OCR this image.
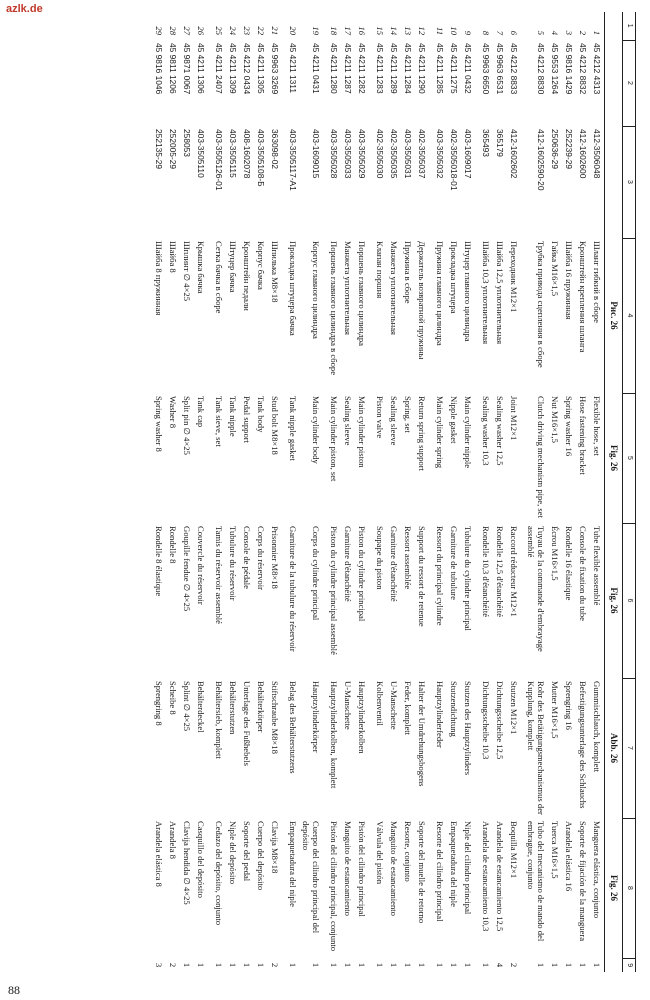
azlk.de
1	2	3	4	5	6	7	8	9
			Рис. 26	Fig. 26	Fig. 26	Abb. 26	Fig. 26	
1	45 4212 4313	412-3506048	Шланг гибкий в сборе	Flexible hose, set	Tube flexible assemblé	Gummischlauch, komplett	Manguera elástica, conjunto	1
2	45 4212 8832	412-1602600	Кронштейн крепления шланга	Hose fastening bracket	Console de fixation du tube	Befestigungsunterlage des Schlauchs	Soporte de fijación de la manguera	1
3	45 9816 1429	252239-29	Шайба 16 пружинная	Spring washer 16	Rondelle 16 élastique	Sprengring 16	Arandela elástica 16	1
4	45 9553 1264	250636-29	Гайка M16×1,5	Nut M16×1,5	Écrou M16×1,5	Mutter M16×1,5	Tuerca M16×1,5	1
5	45 4212 8830	412-1602590-20	Трубка привода сцепления в сборе	Clutch driving mechanism pipe, set	Tuyau de la commande d'embrayage assemblé	Rohr des Betätigungsmechanismus der Kupplung, komplett	Tubo del mecanismo de mando del embrague, conjunto	1
6	45 4212 8833	412-1602602	Переходник M12×1	Joint M12×1	Raccord réducteur M12×1	Stutzen M12×1	Boquilla M12×1	2
7	45 9963 6531	365179	Шайба 12,5 уплотнительная	Sealing washer 12,5	Rondelle 12,5 d'étanchéité	Dichtungsscheibe 12,5	Arandela de estancamiento 12,5	4
8	45 9963 6650	365493	Шайба 10,3 уплотнительная	Sealing washer 10,3	Rondelle 10,3 d'étanchéité	Dichtungsscheibe 10,3	Arandela de estancamiento 10,3	1
9	45 4211 0432	403-1609017	Штуцер главного цилиндра	Main cylinder nipple	Tubulure du cylindre principal	Stutzen des Hauptzylinders	Niple del cilindro principal	1
10	45 4211 1275	402-3505018-01	Прокладка штуцера	Nipple gasket	Garniture de tubulure	Stutzendichtung	Empaquetadura del niple	1
11	45 4211 1285	403-3505032	Пружина главного цилиндра	Main cylinder spring	Ressort du principal cylindre	Hauptzylinderfeder	Resorte del cilindro principal	1
12	45 4211 1290	402-3505037	Держатель возвратной пружины	Return spring support	Support du ressort de retenue	Halter der Umdrehungsbogens	Soporte del muelle de retorno	1
13	45 4211 1284	403-3505031	Пружина в сборе	Spring, set	Ressort assemblée	Feder, komplett	Resorte, conjunto	1
14	45 4211 1289	402-3505035	Манжета уплотнительная	Sealing sleeve	Garniture d'étanchéité	U-Manschette	Manguito de estancamiento	1
15	45 4211 1283	402-3505030	Клапан поршня	Piston valve	Soupape du piston	Kolbenventil	Válvula del pistón	1
16	45 4211 1282	403-3505029	Поршень главного цилиндра	Main cylinder piston	Piston du cylindre principal	Hauptzylinderkolben	Pistón del cilindro principal	1
17	45 4211 1287	403-3505033	Манжета уплотнительная	Sealing sleeve	Garniture d'étanchéité	U-Manschette	Manguito de estancamiento	1
18	45 4211 1280	403-3505028	Поршень главного цилиндра в сборе	Main cylinder piston, set	Piston du cylindre principal assemblé	Hauptzylinderkolben, komplett	Pistón del cilindro principal, conjunto	1
19	45 4211 0431	403-1609015	Корпус главного цилиндра	Main cylinder body	Corps du cylindre principal	Hauptzylinderkörper	Cuerpo del cilindro principal del depósito	1
20	45 4211 1311	403-3505117-А1	Прокладка штуцера бачка	Tank nipple gasket	Garniture de la tubulure du réservoir	Belag des Behälterstutzens	Empaquetadura del niple	1
21	45 9963 3269	363098-02	Шпилька M8×18	Stud bolt M8×18	Prisonnier M8×18	Stiftschraube M8×18	Clavija M8×18	2
22	45 4211 1305	403-3505108-Б	Корпус бачка	Tank body	Corps du réservoir	Behälterkörper	Cuerpo del depósito	1
23	45 4212 0434	408-1602078	Кронштейн педали	Pedal support	Console de pédale	Unterlage des Fußhebels	Soporte del pedal	1
24	45 4211 1309	403-3505115	Штуцер бачка	Tank nipple	Tubulure du réservoir	Behälterstutzen	Niple del depósito	1
25	45 4211 2407	403-3505126-01	Сетка бачка в сборе	Tank sieve, set	Tamis du réservoir assemblé	Behältersieb, komplett	Cedazo del depósito, conjunto	1
26	45 4211 1306	403-3505110	Крышка бачка	Tank cap	Couvercle du réservoir	Behälterdeckel	Casquillo del depósito	1
27	45 9871 0067	258053	Шплинт ∅ 4×25	Split pin ∅ 4×25	Goupille fendue ∅ 4×25	Splint ∅ 4×25	Clavija hendida ∅ 4×25	1
28	45 9811 1206	252005-29	Шайба 8	Washer 8	Rondelle 8	Scheibe 8	Arandela 8	2
29	45 9816 1046	252135-29	Шайба 8 пружинная	Spring washer 8	Rondelle 8 élastique	Sprengring 8	Arandela elástica 8	3
88
